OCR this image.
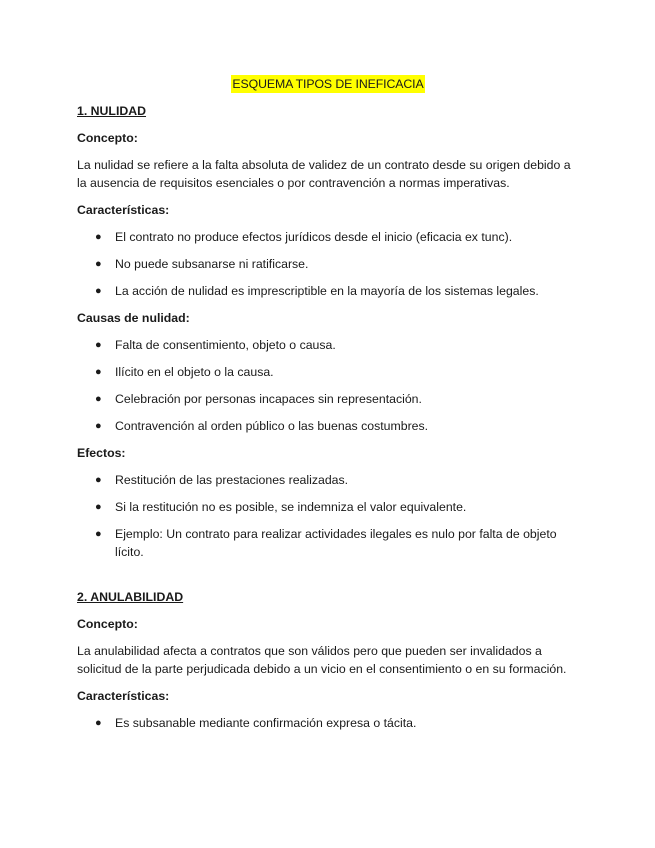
ESQUEMA TIPOS DE INEFICACIA
1. NULIDAD
Concepto:
La nulidad se refiere a la falta absoluta de validez de un contrato desde su origen debido a la ausencia de requisitos esenciales o por contravención a normas imperativas.
Características:
● El contrato no produce efectos jurídicos desde el inicio (eficacia ex tunc).
● No puede subsanarse ni ratificarse.
● La acción de nulidad es imprescriptible en la mayoría de los sistemas legales.
Causas de nulidad:
● Falta de consentimiento, objeto o causa.
● Ilícito en el objeto o la causa.
● Celebración por personas incapaces sin representación.
● Contravención al orden público o las buenas costumbres.
Efectos:
● Restitución de las prestaciones realizadas.
● Si la restitución no es posible, se indemniza el valor equivalente.
● Ejemplo: Un contrato para realizar actividades ilegales es nulo por falta de objeto lícito.
2. ANULABILIDAD
Concepto:
La anulabilidad afecta a contratos que son válidos pero que pueden ser invalidados a solicitud de la parte perjudicada debido a un vicio en el consentimiento o en su formación.
Características:
● Es subsanable mediante confirmación expresa o tácita.
